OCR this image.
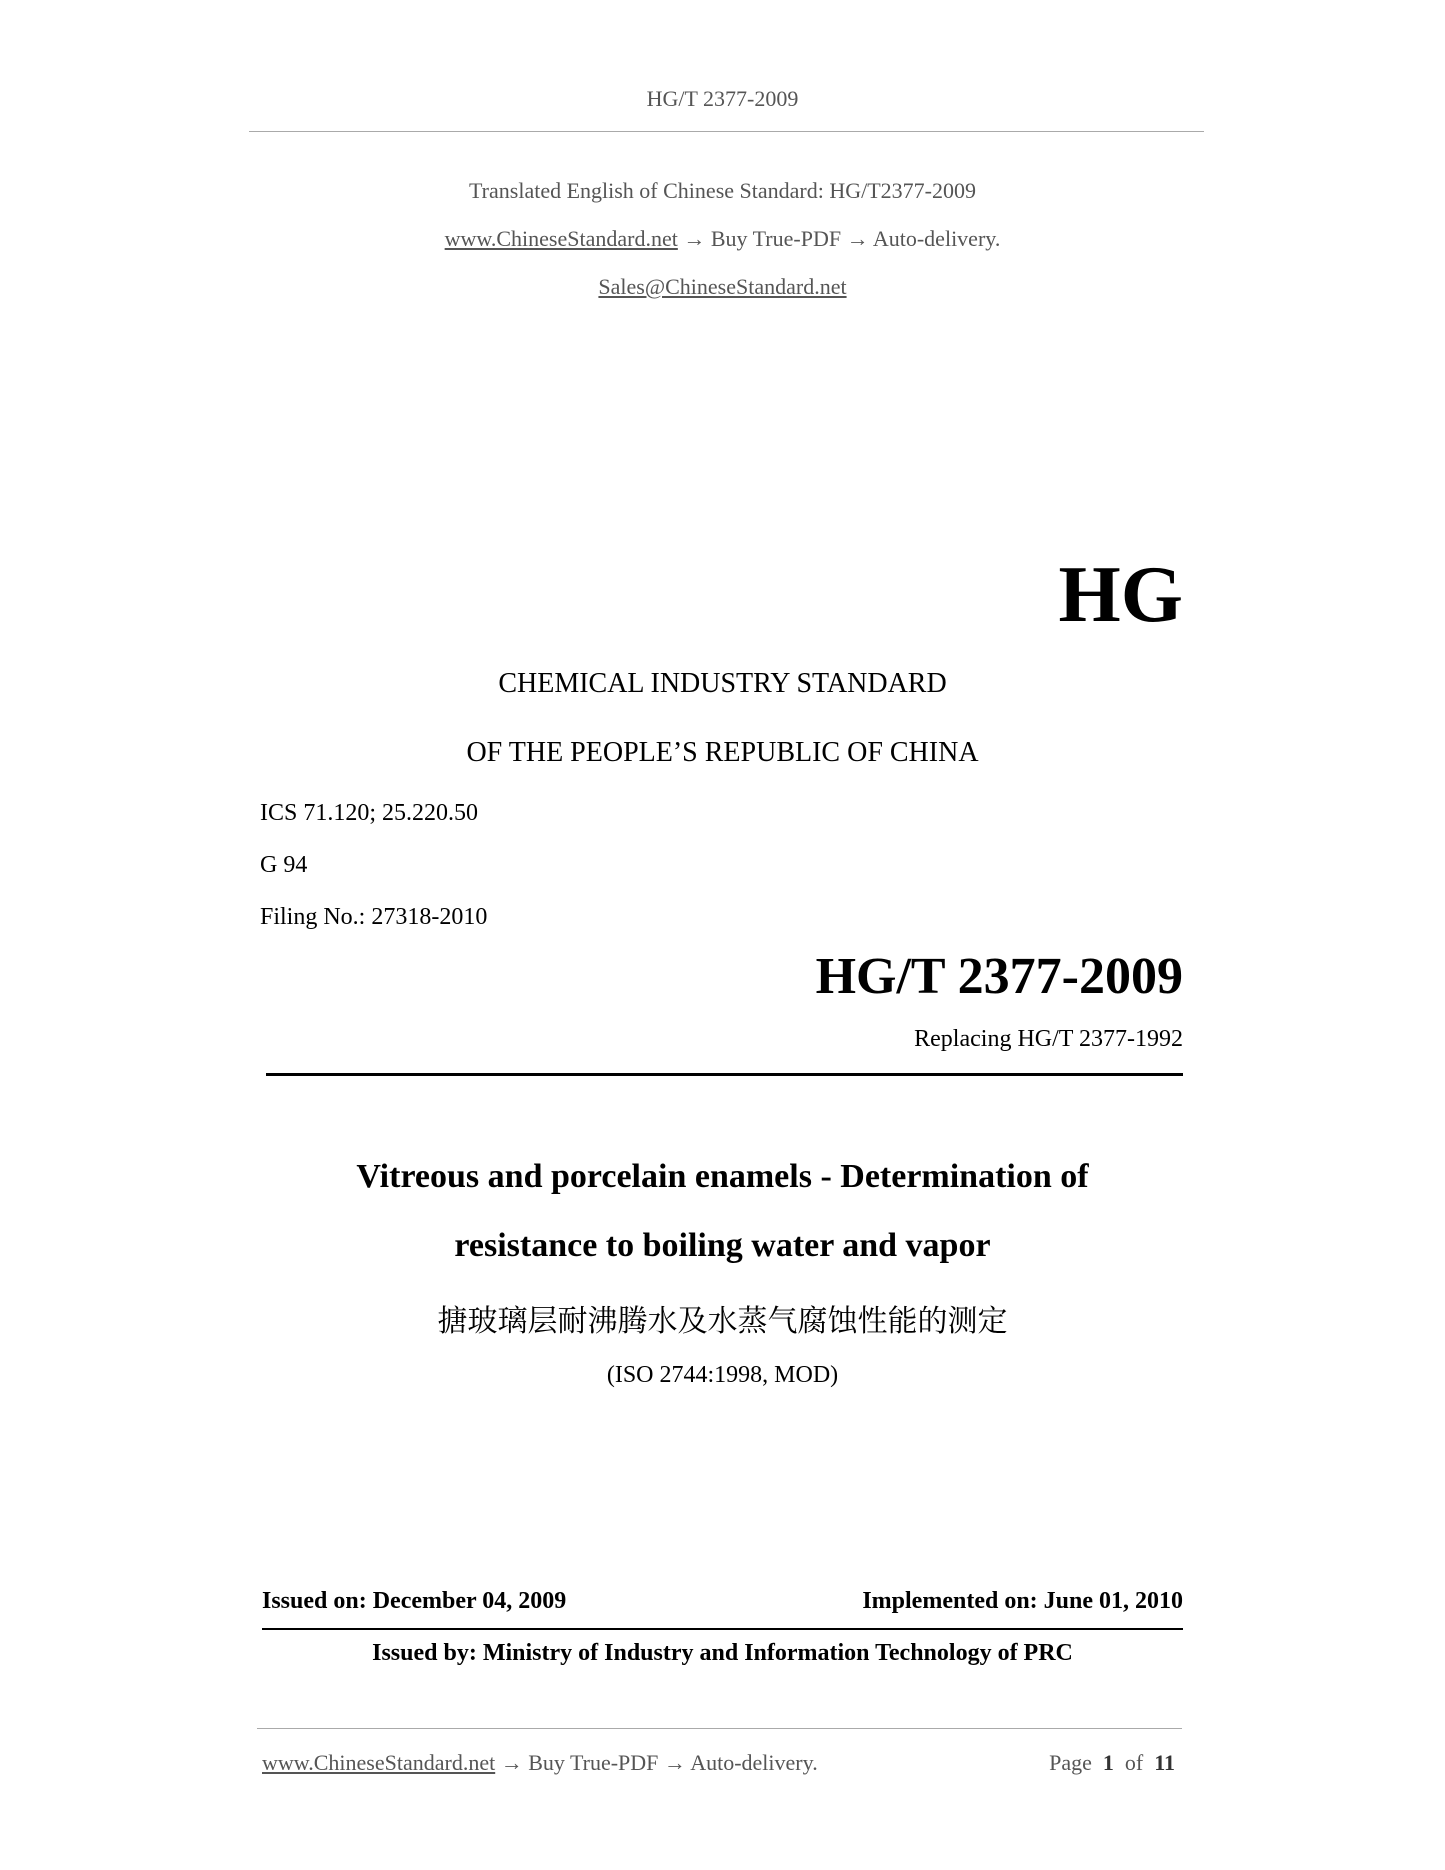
HG/T 2377-2009
Translated English of Chinese Standard: HG/T2377-2009
www.ChineseStandard.net → Buy True-PDF → Auto-delivery.
Sales@ChineseStandard.net
HG
CHEMICAL INDUSTRY STANDARD
OF THE PEOPLE’S REPUBLIC OF CHINA
ICS 71.120; 25.220.50
G 94
Filing No.: 27318-2010
HG/T 2377-2009
Replacing HG/T 2377-1992
Vitreous and porcelain enamels - Determination of
resistance to boiling water and vapor
搪玻璃层耐沸腾水及水蒸气腐蚀性能的测定
(ISO 2744:1998, MOD)
Issued on: December 04, 2009	Implemented on: June 01, 2010
Issued by: Ministry of Industry and Information Technology of PRC
www.ChineseStandard.net → Buy True-PDF → Auto-delivery.	Page 1 of 11
